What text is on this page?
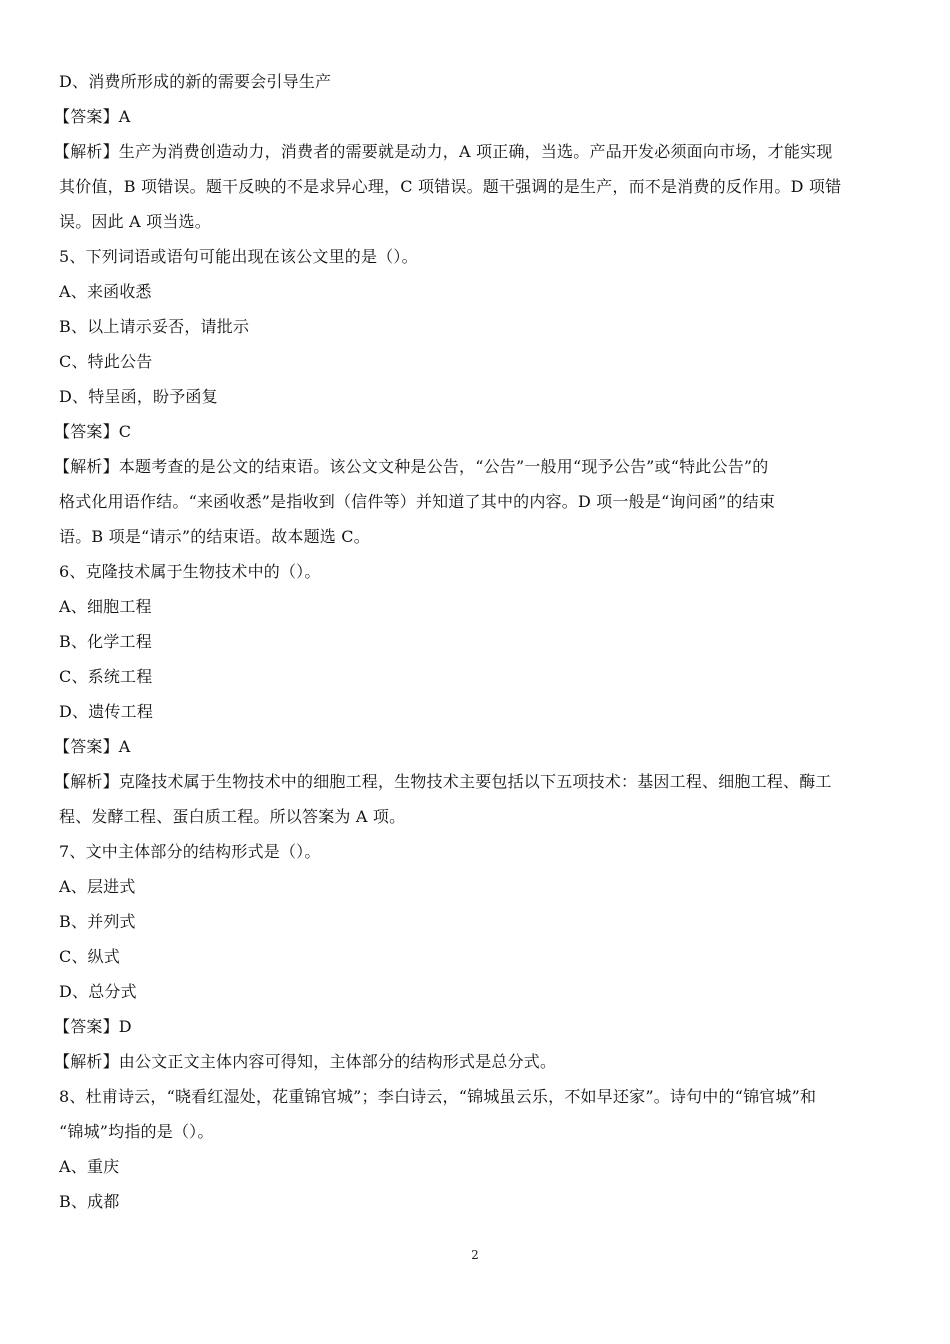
D、消费所形成的新的需要会引导生产
【答案】A
【解析】生产为消费创造动力，消费者的需要就是动力，A 项正确，当选。产品开发必须面向市场，才能实现
其价值，B 项错误。题干反映的不是求异心理，C 项错误。题干强调的是生产，而不是消费的反作用。D 项错
误。因此 A 项当选。
5、下列词语或语句可能出现在该公文里的是（）。
A、来函收悉
B、以上请示妥否，请批示
C、特此公告
D、特呈函，盼予函复
【答案】C
【解析】本题考查的是公文的结束语。该公文文种是公告，“公告”一般用“现予公告”或“特此公告”的
格式化用语作结。“来函收悉”是指收到（信件等）并知道了其中的内容。D 项一般是“询问函”的结束
语。B 项是“请示”的结束语。故本题选 C。
6、克隆技术属于生物技术中的（）。
A、细胞工程
B、化学工程
C、系统工程
D、遗传工程
【答案】A
【解析】克隆技术属于生物技术中的细胞工程，生物技术主要包括以下五项技术：基因工程、细胞工程、酶工
程、发酵工程、蛋白质工程。所以答案为 A 项。
7、文中主体部分的结构形式是（）。
A、层进式
B、并列式
C、纵式
D、总分式
【答案】D
【解析】由公文正文主体内容可得知，主体部分的结构形式是总分式。
8、杜甫诗云，“晓看红湿处，花重锦官城”；李白诗云，“锦城虽云乐，不如早还家”。诗句中的“锦官城”和
“锦城”均指的是（）。
A、重庆
B、成都
2
